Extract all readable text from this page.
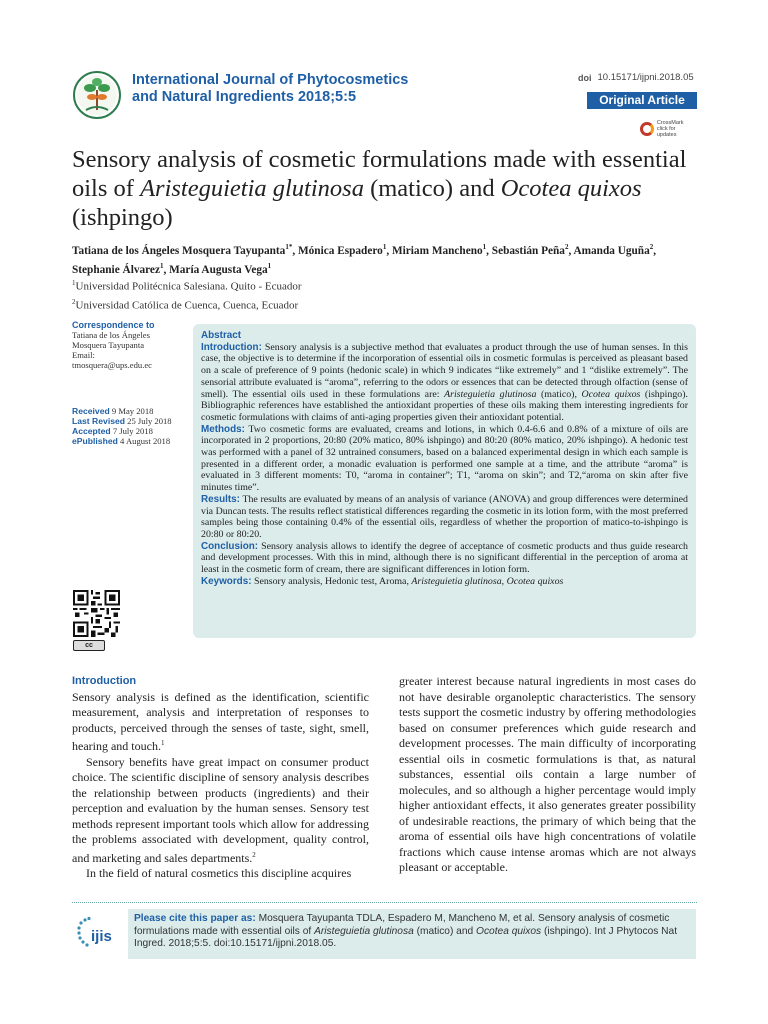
International Journal of Phytocosmetics
and Natural Ingredients 2018;5:5
doi 10.15171/ijpni.2018.05
Original Article
CrossMark
click for updates
Sensory analysis of cosmetic formulations made with essential oils of Aristeguietia glutinosa (matico) and Ocotea quixos (ishpingo)
Tatiana de los Ángeles Mosquera Tayupanta$^{1*}$, Mónica Espadero$^1$, Miriam Mancheno$^1$, Sebastián Peña$^2$, Amanda Uguña$^2$, Stephanie Álvarez$^1$, María Augusta Vega$^1$
$^1$Universidad Politécnica Salesiana. Quito - Ecuador
$^2$Universidad Católica de Cuenca, Cuenca, Ecuador
Correspondence to
Tatiana de los Ángeles
Mosquera Tayupanta
Email:
tmosquera@ups.edu.ec
Received 9 May 2018
Last Revised 25 July 2018
Accepted 7 July 2018
ePublished 4 August 2018
cc
Abstract

Introduction: Sensory analysis is a subjective method that evaluates a product through the use of human senses. In this case, the objective is to determine if the incorporation of essential oils in cosmetic formulas is perceived as pleasant based on a scale of preference of 9 points (hedonic scale) in which 9 indicates “like extremely” and 1 “dislike extremely”. The sensorial attribute evaluated is “aroma”, referring to the odors or essences that can be detected through olfaction (sense of smell). The essential oils used in these formulations are: Aristeguietia glutinosa (matico), Ocotea quixos (ishpingo). Bibliographic references have established the antioxidant properties of these oils making them interesting ingredients for cosmetic formulations with claims of anti-aging properties given their antioxidant potential.

Methods: Two cosmetic forms are evaluated, creams and lotions, in which 0.4-6.6 and 0.8% of a mixture of oils are incorporated in 2 proportions, 20:80 (20% matico, 80% ishpingo) and 80:20 (80% matico, 20% ishpingo). A hedonic test was performed with a panel of 32 untrained consumers, based on a balanced experimental design in which each sample is presented in a different order, a monadic evaluation is performed one sample at a time, and the attribute “aroma” is evaluated in 3 different moments: T0, “aroma in container”; T1, “aroma on skin”; and T2,“aroma on skin after five minutes time”.

Results: The results are evaluated by means of an analysis of variance (ANOVA) and group differences were determined via Duncan tests. The results reflect statistical differences regarding the cosmetic in its lotion form, with the most preferred samples being those containing 0.4% of the essential oils, regardless of whether the proportion of matico-to-ishpingo is 20:80 or 80:20.

Conclusion: Sensory analysis allows to identify the degree of acceptance of cosmetic products and thus guide research and development processes. With this in mind, although there is no significant differential in the perception of aroma at least in the cosmetic form of cream, there are significant differences in lotion form.

Keywords: Sensory analysis, Hedonic test, Aroma, Aristeguietia glutinosa, Ocotea quixos

Introduction

Sensory analysis is defined as the identification, scientific measurement, analysis and interpretation of responses to products, perceived through the senses of taste, sight, smell, hearing and touch.$^1$

Sensory benefits have great impact on consumer product choice. The scientific discipline of sensory analysis describes the relationship between products (ingredients) and their perception and evaluation by the human senses. Sensory test methods represent important tools which allow for addressing the problems associated with development, quality control, and marketing and sales departments.$^2$

In the field of natural cosmetics this discipline acquires

greater interest because natural ingredients in most cases do not have desirable organoleptic characteristics. The sensory tests support the cosmetic industry by offering methodologies based on consumer preferences which guide research and development processes. The main difficulty of incorporating essential oils in cosmetic formulations is that, as natural substances, essential oils contain a large number of molecules, and so although a higher percentage would imply higher antioxidant effects, it also generates greater possibility of undesirable reactions, the primary of which being that the aroma of essential oils have high concentrations of volatile fractions which cause intense aromas which are not always pleasant or acceptable.

ijis
Please cite this paper as: Mosquera Tayupanta TDLA, Espadero M, Mancheno M, et al. Sensory analysis of cosmetic formulations made with essential oils of Aristeguietia glutinosa (matico) and Ocotea quixos (ishpingo). Int J Phytocos Nat Ingred. 2018;5:5. doi:10.15171/ijpni.2018.05.
